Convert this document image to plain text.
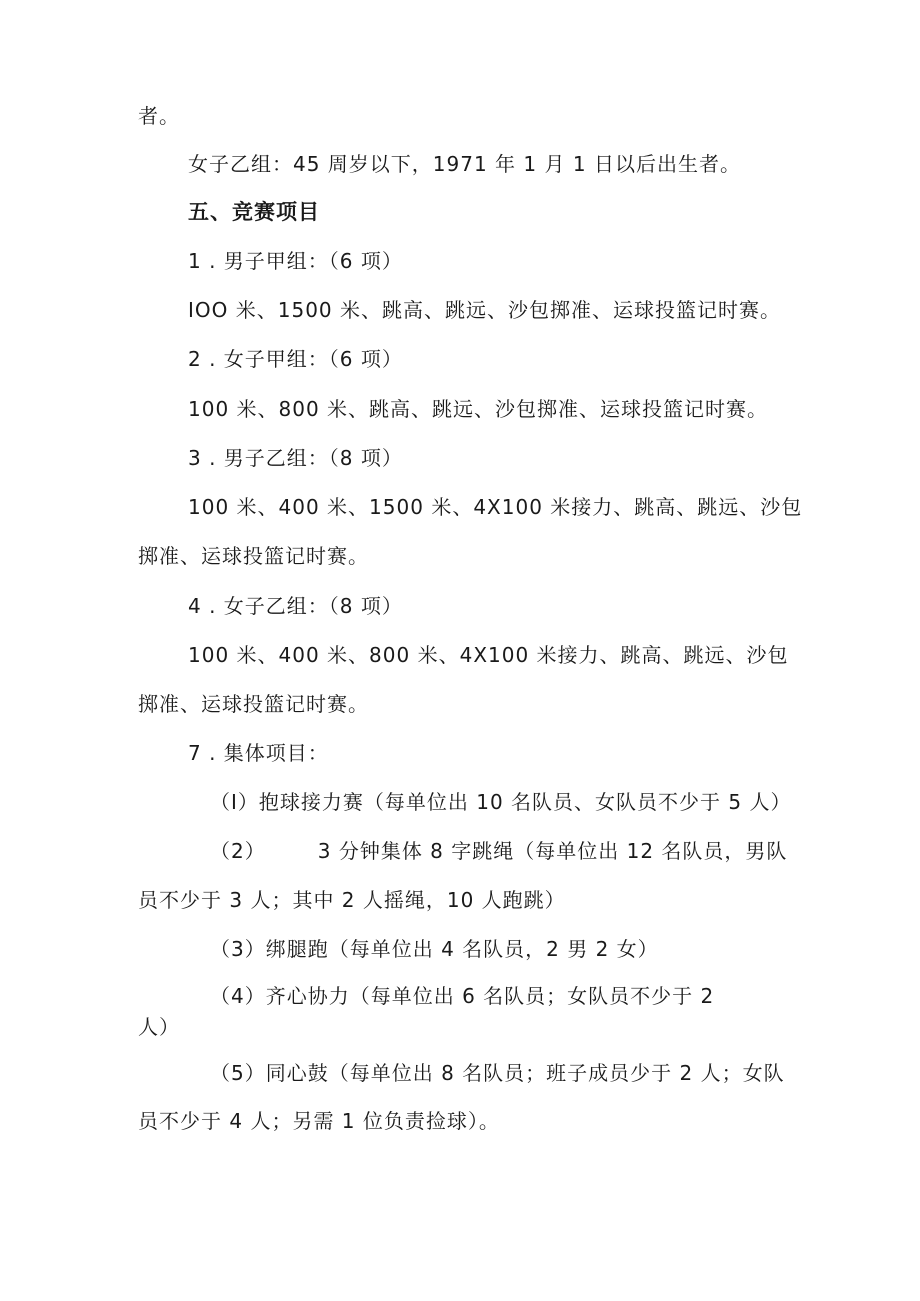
者。
女子乙组：45 周岁以下，1971 年 1 月 1 日以后出生者。
五、竞赛项目
1 . 男子甲组：（6 项）
IOO 米、1500 米、跳高、跳远、沙包掷准、运球投篮记时赛。
2 . 女子甲组：（6 项）
100 米、800 米、跳高、跳远、沙包掷准、运球投篮记时赛。
3 . 男子乙组：（8 项）
100 米、400 米、1500 米、4X100 米接力、跳高、跳远、沙包
掷准、运球投篮记时赛。
4 . 女子乙组：（8 项）
100 米、400 米、800 米、4X100 米接力、跳高、跳远、沙包
掷准、运球投篮记时赛。
7 . 集体项目：
（I）抱球接力赛（每单位出 10 名队员、女队员不少于 5 人）
（2）	3 分钟集体 8 字跳绳（每单位出 12 名队员，男队
员不少于 3 人；其中 2 人摇绳，10 人跑跳）
（3）绑腿跑（每单位出 4 名队员，2 男 2 女）
（4）齐心协力（每单位出 6 名队员；女队员不少于 2
人）
（5）同心鼓（每单位出 8 名队员；班子成员少于 2 人；女队
员不少于 4 人；另需 1 位负责捡球）。
